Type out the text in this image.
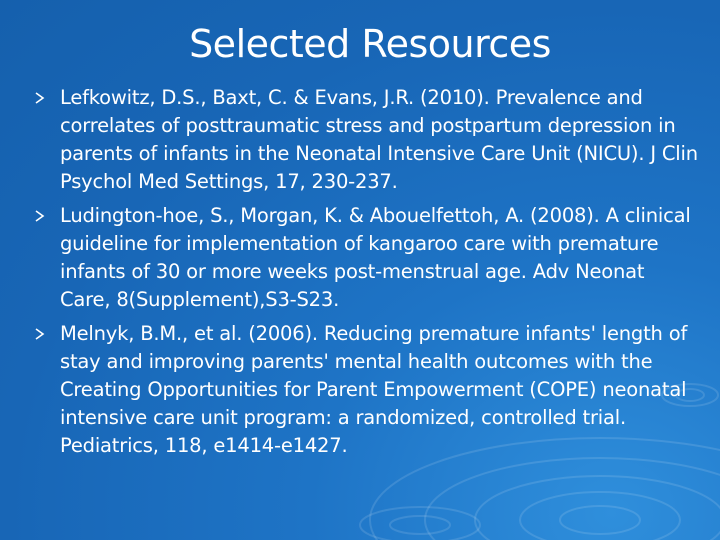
Selected Resources
Lefkowitz, D.S., Baxt, C. & Evans, J.R. (2010). Prevalence and correlates of posttraumatic stress and postpartum depression in parents of infants in the Neonatal Intensive Care Unit (NICU). J Clin Psychol Med Settings, 17, 230-237.
Ludington-hoe, S., Morgan, K. & Abouelfettoh, A. (2008). A clinical guideline for implementation of kangaroo care with premature infants of 30 or more weeks post-menstrual age. Adv Neonat Care, 8(Supplement),S3-S23.
Melnyk, B.M., et al. (2006). Reducing premature infants' length of stay and improving parents' mental health outcomes with the Creating Opportunities for Parent Empowerment (COPE) neonatal intensive care unit program: a randomized, controlled trial. Pediatrics, 118, e1414-e1427.
